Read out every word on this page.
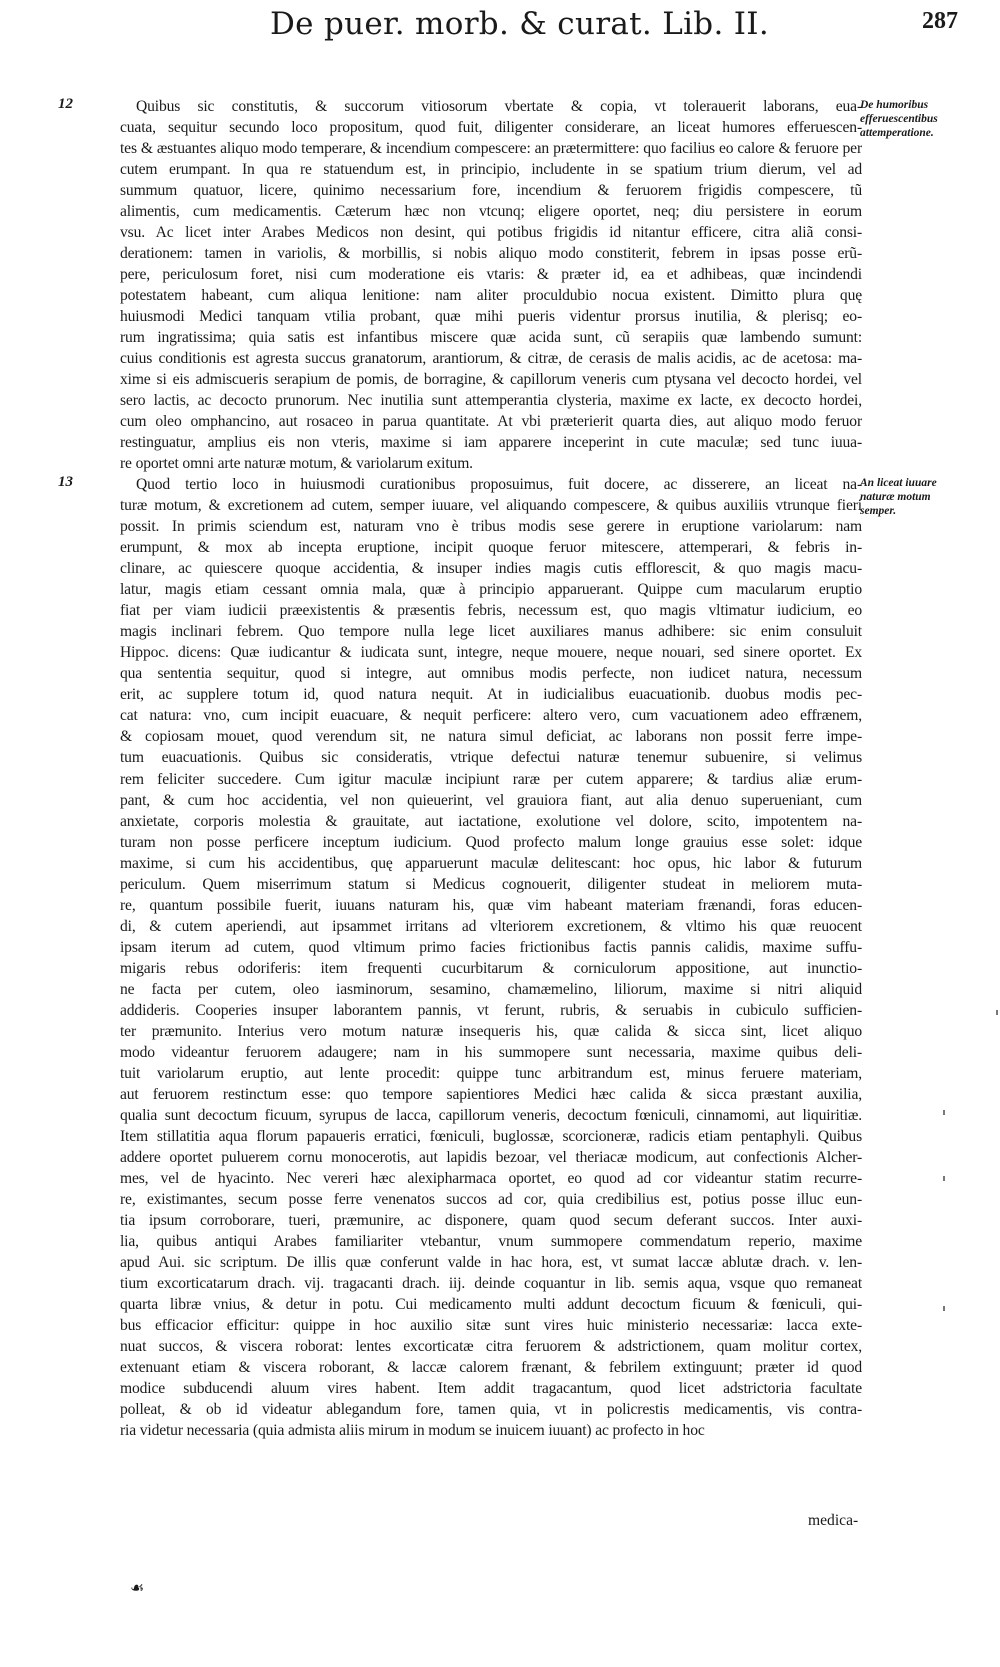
De puer. morb. & curat. Lib. II.	287
12
13
De humoribus efferuescentibus attemperatione.
An liceat iuuare naturæ motum semper.
Quibus sic constitutis, & succorum vitiosorum vbertate & copia, vt tolerauerit laborans, eua-
cuata, sequitur secundo loco propositum, quod fuit, diligenter considerare, an liceat humores efferuescen-
tes & æstuantes aliquo modo temperare, & incendium compescere: an prætermittere: quo facilius eo calore & feruore per
cutem erumpant. In qua re statuendum est, in principio, includente in se spatium trium dierum, vel ad
summum quatuor, licere, quinimo necessarium fore, incendium & feruorem frigidis compescere, tũ
alimentis, cum medicamentis. Cæterum hæc non vtcunq; eligere oportet, neq; diu persistere in eorum
vsu. Ac licet inter Arabes Medicos non desint, qui potibus frigidis id nitantur efficere, citra aliã consi-
derationem: tamen in variolis, & morbillis, si nobis aliquo modo constiterit, febrem in ipsas posse erũ-
pere, periculosum foret, nisi cum moderatione eis vtaris: & præter id, ea et adhibeas, quæ incindendi
potestatem habeant, cum aliqua lenitione: nam aliter proculdubio nocua existent. Dimitto plura quę
huiusmodi Medici tanquam vtilia probant, quæ mihi pueris videntur prorsus inutilia, & plerisq; eo-
rum ingratissima; quia satis est infantibus miscere quæ acida sunt, cũ serapiis quæ lambendo sumunt:
cuius conditionis est agresta succus granatorum, arantiorum, & citræ, de cerasis de malis acidis, ac de acetosa: ma-
xime si eis admiscueris serapium de pomis, de borragine, & capillorum veneris cum ptysana vel decocto hordei, vel
sero lactis, ac decocto prunorum. Nec inutilia sunt attemperantia clysteria, maxime ex lacte, ex decocto hordei,
cum oleo omphancino, aut rosaceo in parua quantitate. At vbi præterierit quarta dies, aut aliquo modo feruor
restinguatur, amplius eis non vteris, maxime si iam apparere inceperint in cute maculæ; sed tunc iuua-
re oportet omni arte naturæ motum, & variolarum exitum.
Quod tertio loco in huiusmodi curationibus proposuimus, fuit docere, ac disserere, an liceat na-
turæ motum, & excretionem ad cutem, semper iuuare, vel aliquando compescere, & quibus auxiliis vtrunque fieri
possit. In primis sciendum est, naturam vno è tribus modis sese gerere in eruptione variolarum: nam
erumpunt, & mox ab incepta eruptione, incipit quoque feruor mitescere, attemperari, & febris in-
clinare, ac quiescere quoque accidentia, & insuper indies magis cutis efflorescit, & quo magis macu-
latur, magis etiam cessant omnia mala, quæ à principio apparuerant. Quippe cum macularum eruptio
fiat per viam iudicii præexistentis & præsentis febris, necessum est, quo magis vltimatur iudicium, eo
magis inclinari febrem. Quo tempore nulla lege licet auxiliares manus adhibere: sic enim consuluit
Hippoc. dicens: Quæ iudicantur & iudicata sunt, integre, neque mouere, neque nouari, sed sinere oportet. Ex
qua sententia sequitur, quod si integre, aut omnibus modis perfecte, non iudicet natura, necessum
erit, ac supplere totum id, quod natura nequit. At in iudicialibus euacuationib. duobus modis pec-
cat natura: vno, cum incipit euacuare, & nequit perficere: altero vero, cum vacuationem adeo effrænem,
& copiosam mouet, quod verendum sit, ne natura simul deficiat, ac laborans non possit ferre impe-
tum euacuationis. Quibus sic consideratis, vtrique defectui naturæ tenemur subuenire, si velimus
rem feliciter succedere. Cum igitur maculæ incipiunt raræ per cutem apparere; & tardius aliæ erum-
pant, & cum hoc accidentia, vel non quieuerint, vel grauiora fiant, aut alia denuo superueniant, cum
anxietate, corporis molestia & grauitate, aut iactatione, exolutione vel dolore, scito, impotentem na-
turam non posse perficere inceptum iudicium. Quod profecto malum longe grauius esse solet: idque
maxime, si cum his accidentibus, quę apparuerunt maculæ delitescant: hoc opus, hic labor & futurum
periculum. Quem miserrimum statum si Medicus cognouerit, diligenter studeat in meliorem muta-
re, quantum possibile fuerit, iuuans naturam his, quæ vim habeant materiam frænandi, foras educen-
di, & cutem aperiendi, aut ipsammet irritans ad vlteriorem excretionem, & vltimo his quæ reuocent
ipsam iterum ad cutem, quod vltimum primo facies frictionibus factis pannis calidis, maxime suffu-
migaris rebus odoriferis: item frequenti cucurbitarum & corniculorum appositione, aut inunctio-
ne facta per cutem, oleo iasminorum, sesamino, chamæmelino, liliorum, maxime si nitri aliquid
addideris. Cooperies insuper laborantem pannis, vt ferunt, rubris, & seruabis in cubiculo sufficien-
ter præmunito. Interius vero motum naturæ insequeris his, quæ calida & sicca sint, licet aliquo
modo videantur feruorem adaugere; nam in his summopere sunt necessaria, maxime quibus deli-
tuit variolarum eruptio, aut lente procedit: quippe tunc arbitrandum est, minus feruere materiam,
aut feruorem restinctum esse: quo tempore sapientiores Medici hæc calida & sicca præstant auxilia,
qualia sunt decoctum ficuum, syrupus de lacca, capillorum veneris, decoctum fœniculi, cinnamomi, aut liquiritiæ.
Item stillatitia aqua florum papaueris erratici, fœniculi, buglossæ, scorcioneræ, radicis etiam pentaphyli. Quibus
addere oportet puluerem cornu monocerotis, aut lapidis bezoar, vel theriacæ modicum, aut confectionis Alcher-
mes, vel de hyacinto. Nec vereri hæc alexipharmaca oportet, eo quod ad cor videantur statim recurre-
re, existimantes, secum posse ferre venenatos succos ad cor, quia credibilius est, potius posse illuc eun-
tia ipsum corroborare, tueri, præmunire, ac disponere, quam quod secum deferant succos. Inter auxi-
lia, quibus antiqui Arabes familiariter vtebantur, vnum summopere commendatum reperio, maxime
apud Aui. sic scriptum. De illis quæ conferunt valde in hac hora, est, vt sumat laccæ ablutæ drach. v. len-
tium excorticatarum drach. vij. tragacanti drach. iij. deinde coquantur in lib. semis aqua, vsque quo remaneat
quarta libræ vnius, & detur in potu. Cui medicamento multi addunt decoctum ficuum & fœniculi, qui-
bus efficacior efficitur: quippe in hoc auxilio sitæ sunt vires huic ministerio necessariæ: lacca exte-
nuat succos, & viscera roborat: lentes excorticatæ citra feruorem & adstrictionem, quam molitur cortex,
extenuant etiam & viscera roborant, & laccæ calorem frænant, & febrilem extinguunt; præter id quod
modice subducendi aluum vires habent. Item addit tragacantum, quod licet adstrictoria facultate
polleat, & ob id videatur ablegandum fore, tamen quia, vt in policrestis medicamentis, vis contra-
ria videtur necessaria (quia admista aliis mirum in modum se inuicem iuuant) ac profecto in hoc
medica-
☙
